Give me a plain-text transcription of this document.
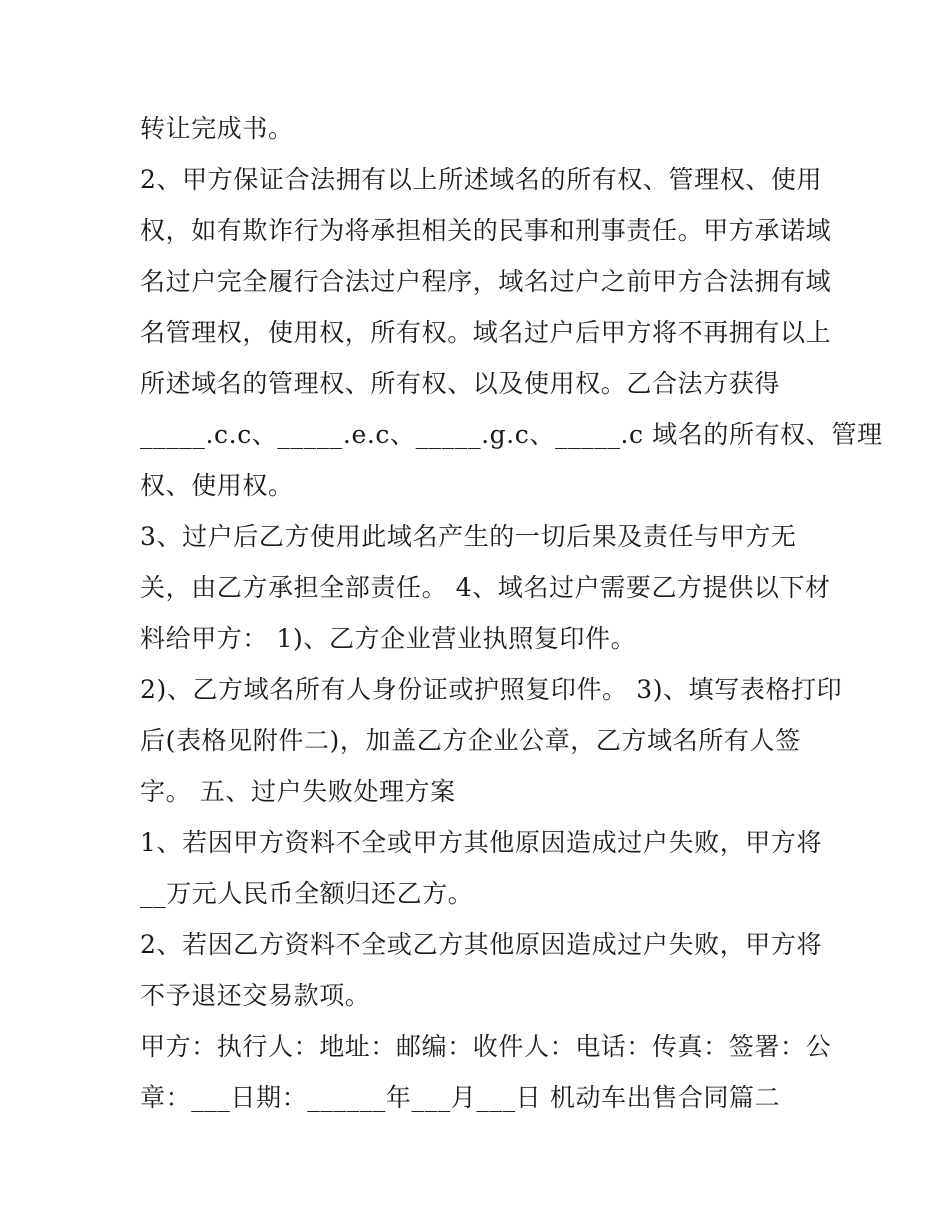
转让完成书。
2、甲方保证合法拥有以上所述域名的所有权、管理权、使用
权，如有欺诈行为将承担相关的民事和刑事责任。甲方承诺域
名过户完全履行合法过户程序，域名过户之前甲方合法拥有域
名管理权，使用权，所有权。域名过户后甲方将不再拥有以上
所述域名的管理权、所有权、以及使用权。乙合法方获得
_____.c.c、_____.e.c、_____.g.c、_____.c 域名的所有权、管理
权、使用权。
3、过户后乙方使用此域名产生的一切后果及责任与甲方无
关，由乙方承担全部责任。 4、域名过户需要乙方提供以下材
料给甲方： 1)、乙方企业营业执照复印件。
2)、乙方域名所有人身份证或护照复印件。 3)、填写表格打印
后(表格见附件二)，加盖乙方企业公章，乙方域名所有人签
字。 五、过户失败处理方案
1、若因甲方资料不全或甲方其他原因造成过户失败，甲方将
__万元人民币全额归还乙方。
2、若因乙方资料不全或乙方其他原因造成过户失败，甲方将
不予退还交易款项。
甲方：执行人：地址：邮编：收件人：电话：传真：签署：公
章：___日期：______年___月___日 机动车出售合同篇二
